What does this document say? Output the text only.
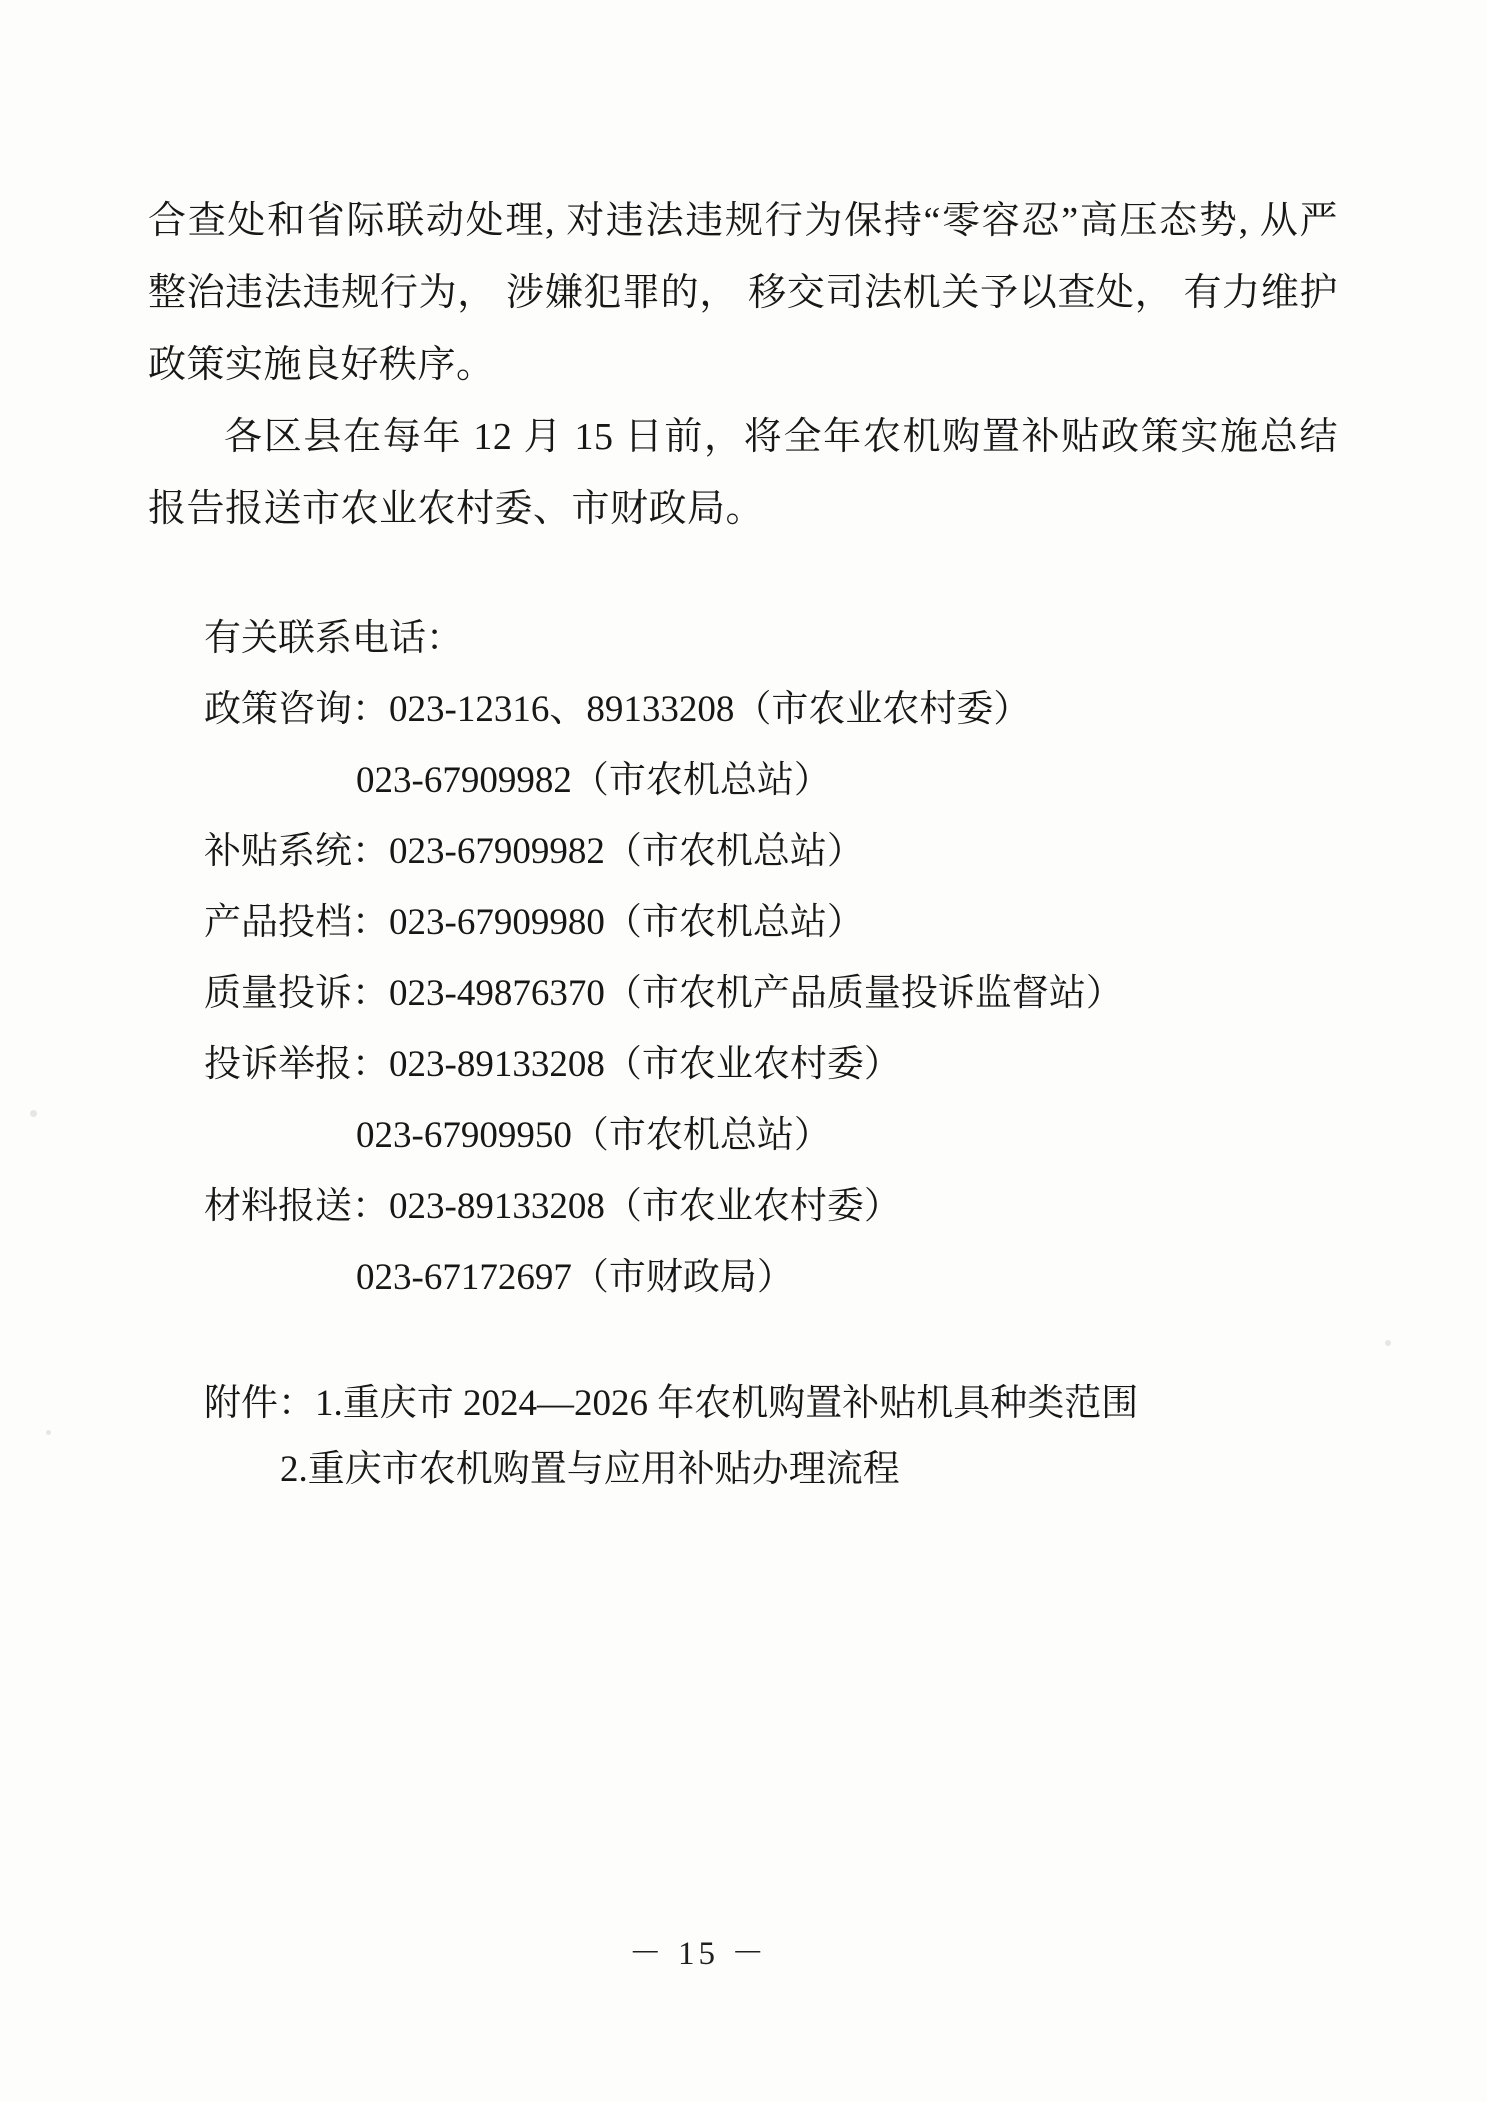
合查处和省际联动处理, 对违法违规行为保持“零容忍”高压态势, 从严整治违法违规行为， 涉嫌犯罪的， 移交司法机关予以查处， 有力维护政策实施良好秩序。

各区县在每年 12 月 15 日前，将全年农机购置补贴政策实施总结报告报送市农业农村委、市财政局。

有关联系电话：
政策咨询：023-12316、89133208（市农业农村委）
023-67909982（市农机总站）
补贴系统：023-67909982（市农机总站）
产品投档：023-67909980（市农机总站）
质量投诉：023-49876370（市农机产品质量投诉监督站）
投诉举报：023-89133208（市农业农村委）
023-67909950（市农机总站）
材料报送：023-89133208（市农业农村委）
023-67172697（市财政局）
附件：1.重庆市 2024—2026 年农机购置补贴机具种类范围
2.重庆市农机购置与应用补贴办理流程
－ 15 －
